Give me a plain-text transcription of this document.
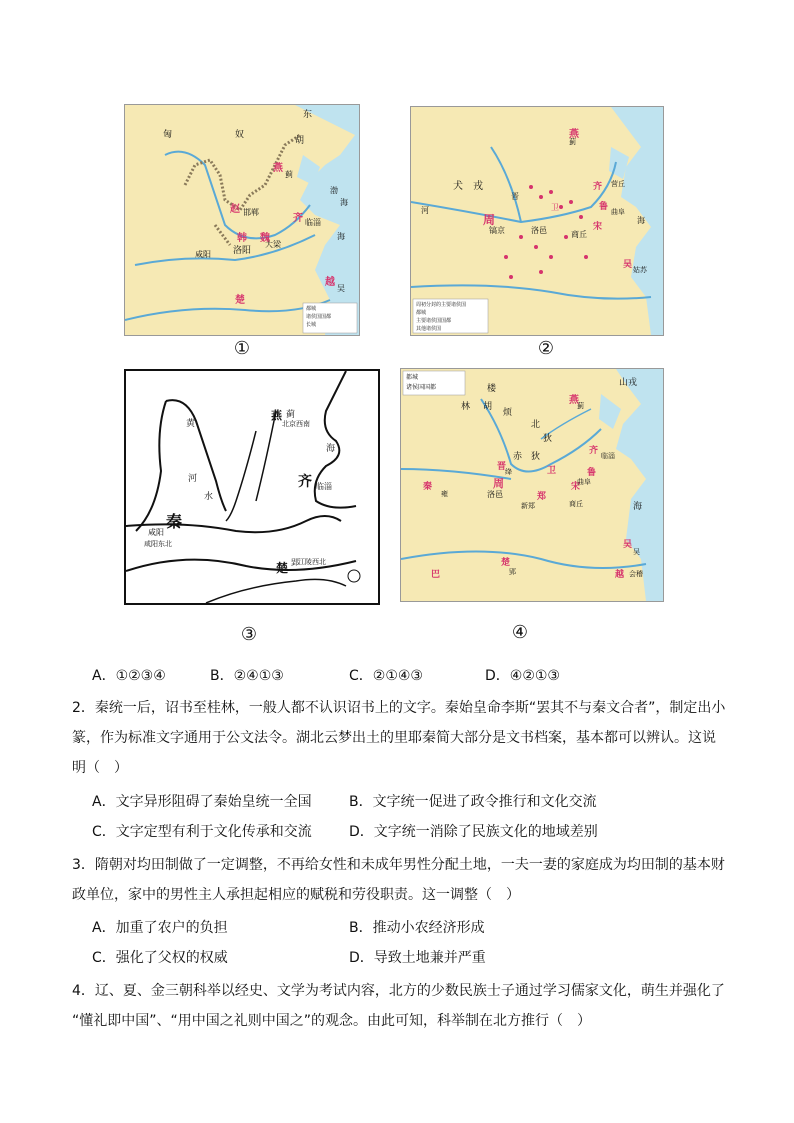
东
匈	奴
胡
燕
蓟
赵 邯郸
齐 临淄
魏
大梁
韩
洛阳
咸阳
越
吴
楚
渤
海
海
都城
诸侯国国都
长城
①
燕
蓟
犬　戎
周
镐京
晋
卫
洛邑	宋
商丘
齐 营丘
鲁 曲阜
吴 姑苏
海
河
周初分封的主要诸侯国
都城
主要诸侯国国都
其他诸侯国
②
燕 蓟
北京西南
齐 临淄
秦
咸阳
咸阳东北
楚 郢 江陵西北
河
黄
水
海
③
都城
诸侯国国都	山戎
楼
林 胡
烦
燕
蓟
北
狄
赤　狄
晋
绛
周
洛邑
秦
雍
卫
郑
新郑
宋
商丘
齐 临淄
鲁
曲阜
吴
吴
越 会稽
楚
郢
巴
海
④
A．①②③④	B．②④①③	C．②①④③	D．④②①③
2．秦统一后，诏书至桂林，一般人都不认识诏书上的文字。秦始皇命李斯“罢其不与秦文合者”，制定出小
篆，作为标准文字通用于公文法令。湖北云梦出土的里耶秦简大部分是文书档案，基本都可以辨认。这说
明（　）
A．文字异形阻碍了秦始皇统一全国	B．文字统一促进了政令推行和文化交流
C．文字定型有利于文化传承和交流	D．文字统一消除了民族文化的地域差别
3．隋朝对均田制做了一定调整，不再给女性和未成年男性分配土地，一夫一妻的家庭成为均田制的基本财
政单位，家中的男性主人承担起相应的赋税和劳役职责。这一调整（　）
A．加重了农户的负担	B．推动小农经济形成
C．强化了父权的权威	D．导致土地兼并严重
4．辽、夏、金三朝科举以经史、文学为考试内容，北方的少数民族士子通过学习儒家文化，萌生并强化了
“懂礼即中国”、“用中国之礼则中国之”的观念。由此可知，科举制在北方推行（　）
